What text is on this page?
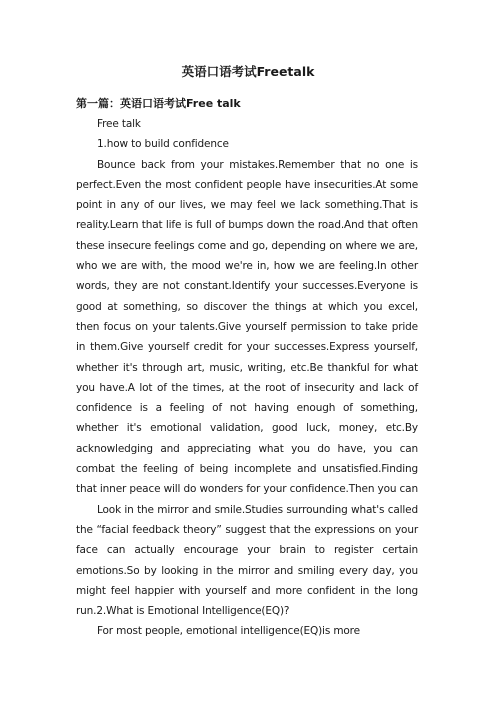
英语口语考试Freetalk
第一篇：英语口语考试Free talk

Free talk

1.how to build confidence

Bounce back from your mistakes.Remember that no one is perfect.Even the most confident people have insecurities.At some point in any of our lives, we may feel we lack something.That is reality.Learn that life is full of bumps down the road.And that often these insecure feelings come and go, depending on where we are, who we are with, the mood we're in, how we are feeling.In other words, they are not constant.Identify your successes.Everyone is good at something, so discover the things at which you excel, then focus on your talents.Give yourself permission to take pride in them.Give yourself credit for your successes.Express yourself, whether it's through art, music, writing, etc.Be thankful for what you have.A lot of the times, at the root of insecurity and lack of confidence is a feeling of not having enough of something, whether it's emotional validation, good luck, money, etc.By acknowledging and appreciating what you do have, you can combat the feeling of being incomplete and unsatisfied.Finding that inner peace will do wonders for your confidence.Then you can

Look in the mirror and smile.Studies surrounding what's called the “facial feedback theory” suggest that the expressions on your face can actually encourage your brain to register certain emotions.So by looking in the mirror and smiling every day, you might feel happier with yourself and more confident in the long run.2.What is Emotional Intelligence(EQ)?

For most people, emotional intelligence(EQ)is more
